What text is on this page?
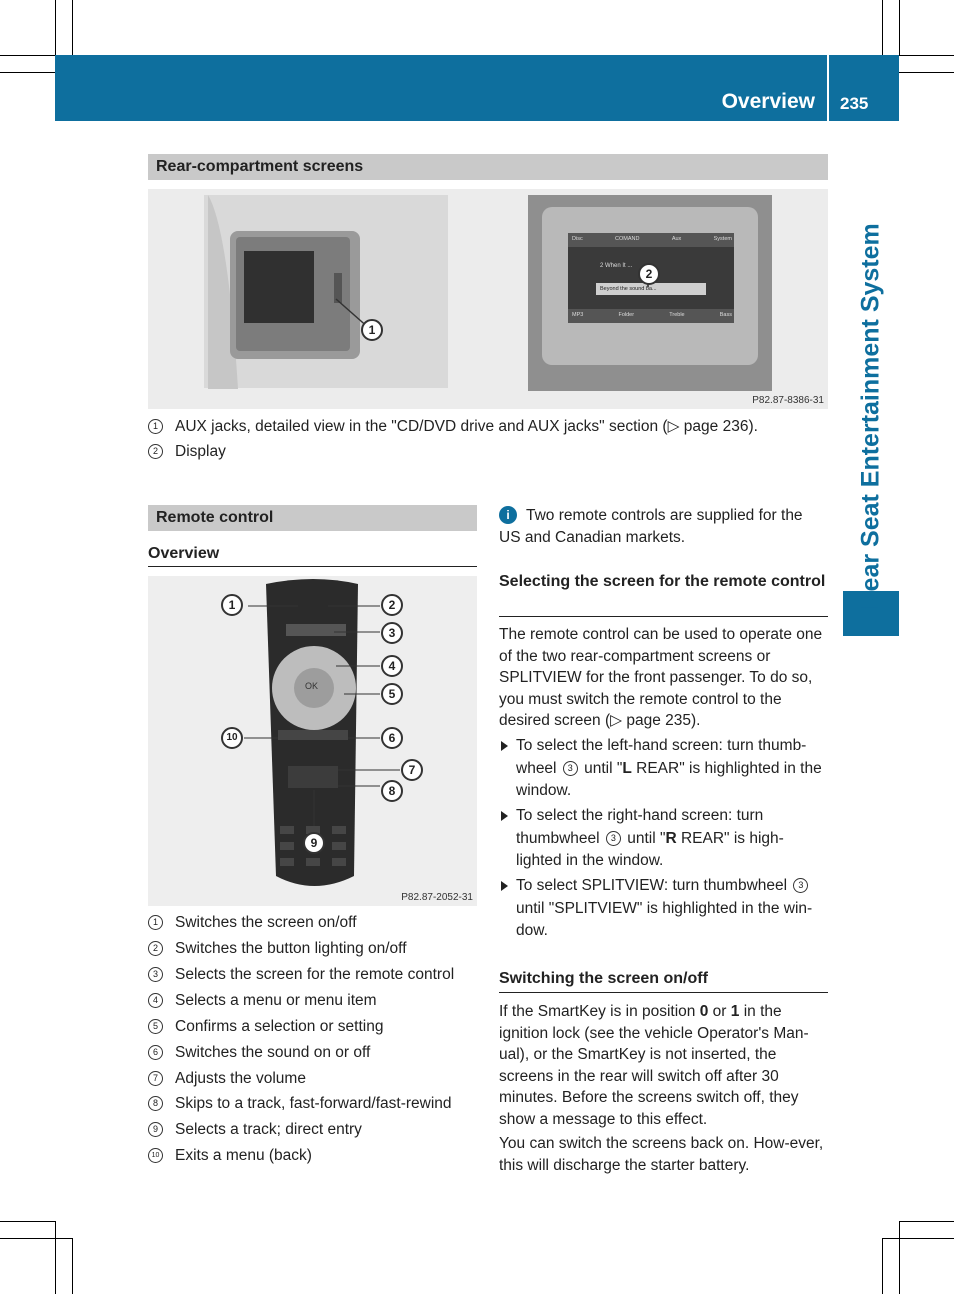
Overview 235
Rear Seat Entertainment System
Rear-compartment screens
Disc	COMAND	Aux	System
2 When It ...
Beyond the sound ba...
MP3	Folder	Treble	Bass
1
2
P82.87-8386-31
1 AUX jacks, detailed view in the "CD/DVD drive and AUX jacks" section (▷ page 236).
2 Display
Remote control
Overview
OK
1	2
3
4
5
10	6
7
8
9
P82.87-2052-31
1 Switches the screen on/off
2 Switches the button lighting on/off
3 Selects the screen for the remote control
4 Selects a menu or menu item
5 Confirms a selection or setting
6 Switches the sound on or off
7 Adjusts the volume
8 Skips to a track, fast-forward/fast-rewind
9 Selects a track; direct entry
10 Exits a menu (back)
i	Two remote controls are supplied for the US and Canadian markets.
Selecting the screen for the remote control
The remote control can be used to operate one of the two rear-compartment screens or SPLITVIEW for the front passenger. To do so, you must switch the remote control to the desired screen (▷ page 235).
To select the left-hand screen: turn thumb-wheel 3 until "L REAR" is highlighted in the window.
To select the right-hand screen: turn thumbwheel 3 until "R REAR" is high-lighted in the window.
To select SPLITVIEW: turn thumbwheel 3 until "SPLITVIEW" is highlighted in the win-dow.
Switching the screen on/off
If the SmartKey is in position 0 or 1 in the ignition lock (see the vehicle Operator's Man-ual), or the SmartKey is not inserted, the screens in the rear will switch off after 30 minutes. Before the screens switch off, they show a message to this effect.
You can switch the screens back on. How-ever, this will discharge the starter battery.
